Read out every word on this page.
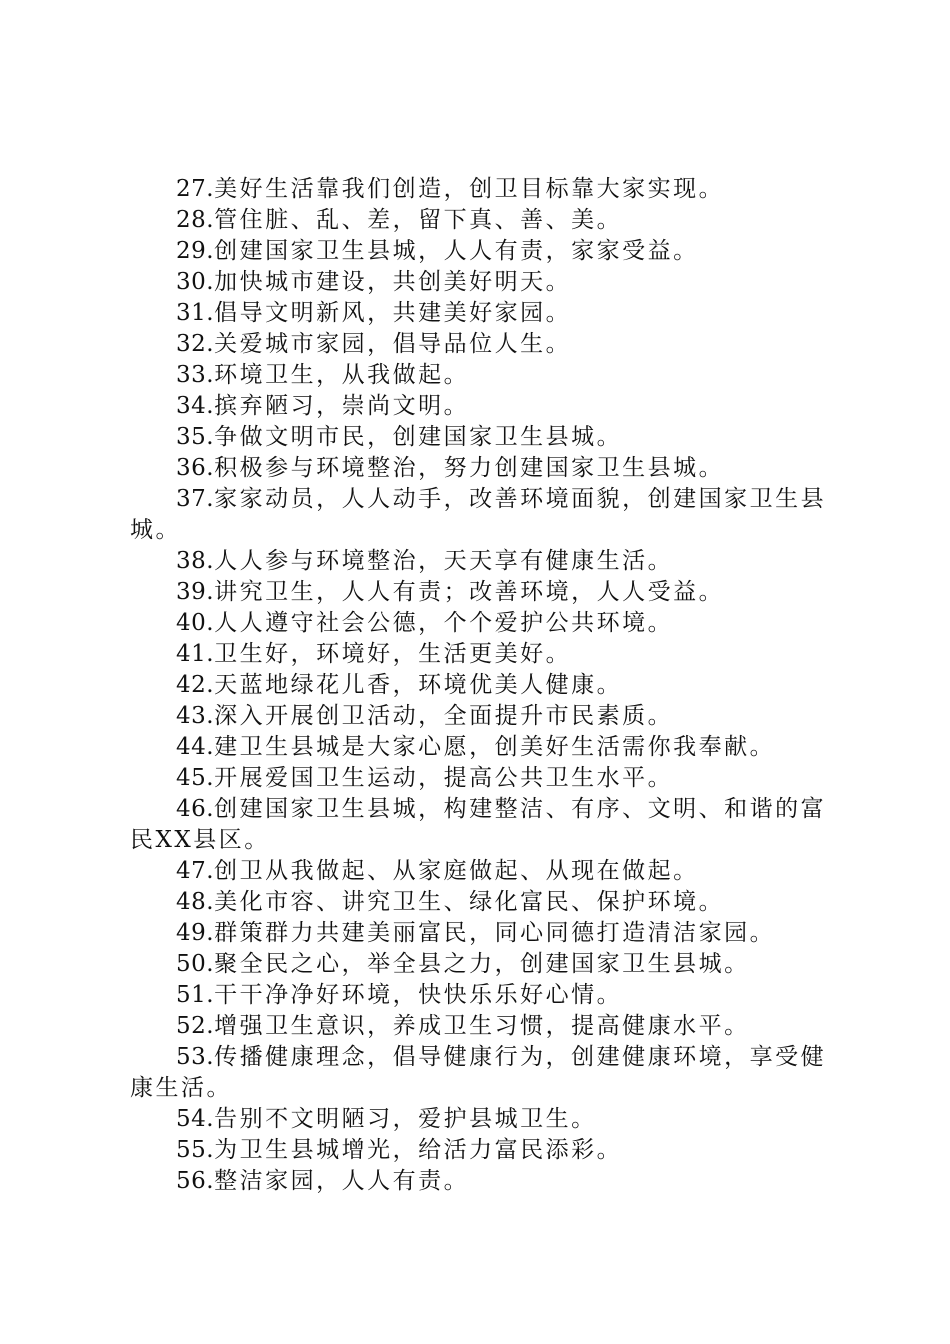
27.美好生活靠我们创造，创卫目标靠大家实现。

28.管住脏、乱、差，留下真、善、美。

29.创建国家卫生县城，人人有责，家家受益。

30.加快城市建设，共创美好明天。

31.倡导文明新风，共建美好家园。

32.关爱城市家园，倡导品位人生。

33.环境卫生，从我做起。

34.摈弃陋习，崇尚文明。

35.争做文明市民，创建国家卫生县城。

36.积极参与环境整治，努力创建国家卫生县城。

37.家家动员，人人动手，改善环境面貌，创建国家卫生县城。

38.人人参与环境整治，天天享有健康生活。

39.讲究卫生，人人有责；改善环境，人人受益。

40.人人遵守社会公德，个个爱护公共环境。

41.卫生好，环境好，生活更美好。

42.天蓝地绿花儿香，环境优美人健康。

43.深入开展创卫活动，全面提升市民素质。

44.建卫生县城是大家心愿，创美好生活需你我奉献。

45.开展爱国卫生运动，提高公共卫生水平。

46.创建国家卫生县城，构建整洁、有序、文明、和谐的富民XX县区。

47.创卫从我做起、从家庭做起、从现在做起。

48.美化市容、讲究卫生、绿化富民、保护环境。

49.群策群力共建美丽富民，同心同德打造清洁家园。

50.聚全民之心，举全县之力，创建国家卫生县城。

51.干干净净好环境，快快乐乐好心情。

52.增强卫生意识，养成卫生习惯，提高健康水平。

53.传播健康理念，倡导健康行为，创建健康环境，享受健康生活。

54.告别不文明陋习，爱护县城卫生。

55.为卫生县城增光，给活力富民添彩。

56.整洁家园，人人有责。
